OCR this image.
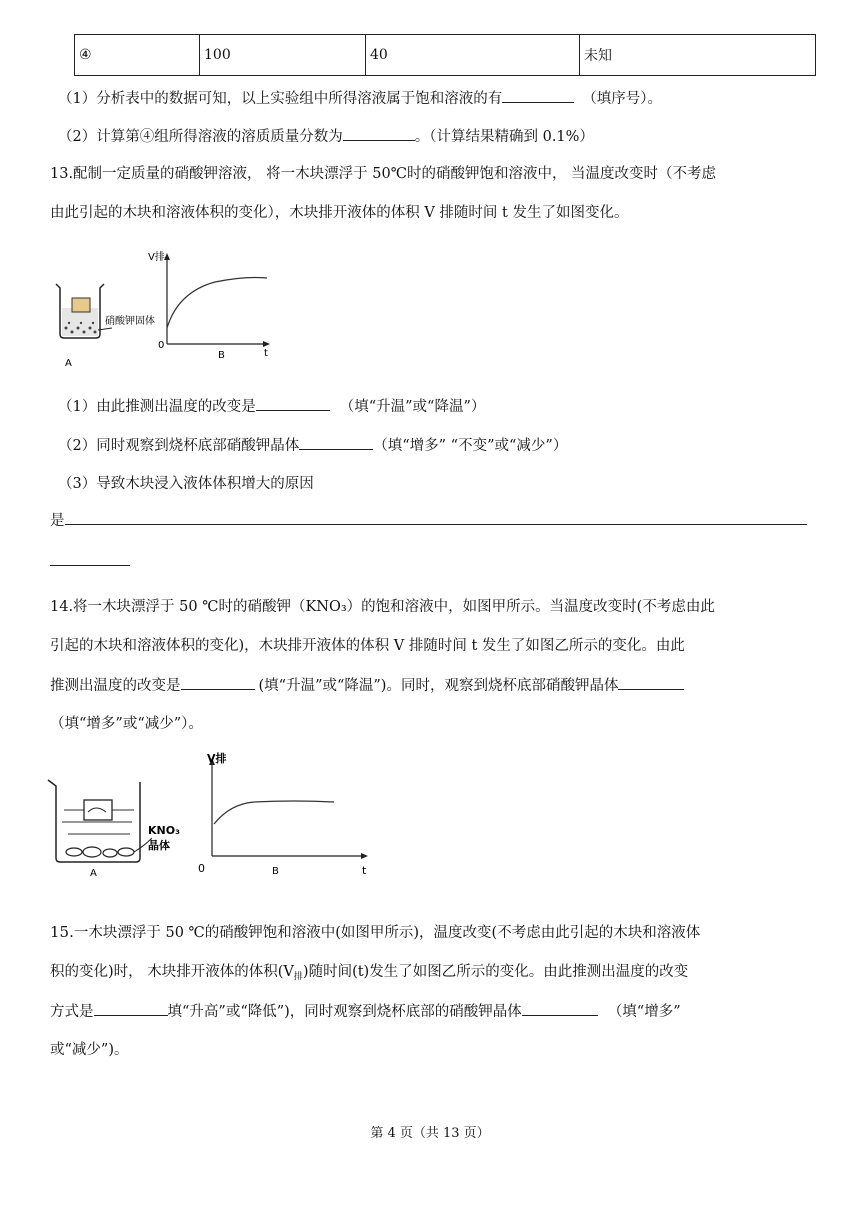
④	100	40	未知
（1）分析表中的数据可知，以上实验组中所得溶液属于饱和溶液的有	（填序号）。
（2）计算第④组所得溶液的溶质质量分数为	。（计算结果精确到 0.1%）
13.配制一定质量的硝酸钾溶液， 将一木块漂浮于 50℃时的硝酸钾饱和溶液中， 当温度改变时（不考虑
由此引起的木块和溶液体积的变化），木块排开液体的体积 V 排随时间 t 发生了如图变化。
硝酸钾固体
A
V排
0
t
B
（1）由此推测出温度的改变是	（填“升温”或“降温”）
（2）同时观察到烧杯底部硝酸钾晶体	（填“增多” “不变”或“减少”）
（3）导致木块浸入液体体积增大的原因
是
14.将一木块漂浮于 50 ℃时的硝酸钾（KNO₃）的饱和溶液中，如图甲所示。当温度改变时(不考虑由此
引起的木块和溶液体积的变化)，木块排开液体的体积 V 排随时间 t 发生了如图乙所示的变化。由此
推测出温度的改变是	(填“升温”或“降温”)。同时，观察到烧杯底部硝酸钾晶体
（填“增多”或“减少”）。
KNO₃
晶体
A
V排
0	t
B
15.一木块漂浮于 50 ℃的硝酸钾饱和溶液中(如图甲所示)，温度改变(不考虑由此引起的木块和溶液体
积的变化)时， 木块排开液体的体积$(V_排)$随时间(t)发生了如图乙所示的变化。由此推测出温度的改变
方式是	填“升高”或“降低”)，同时观察到烧杯底部的硝酸钾晶体	（填“增多”
或“减少”)。
第 4 页（共 13 页）
